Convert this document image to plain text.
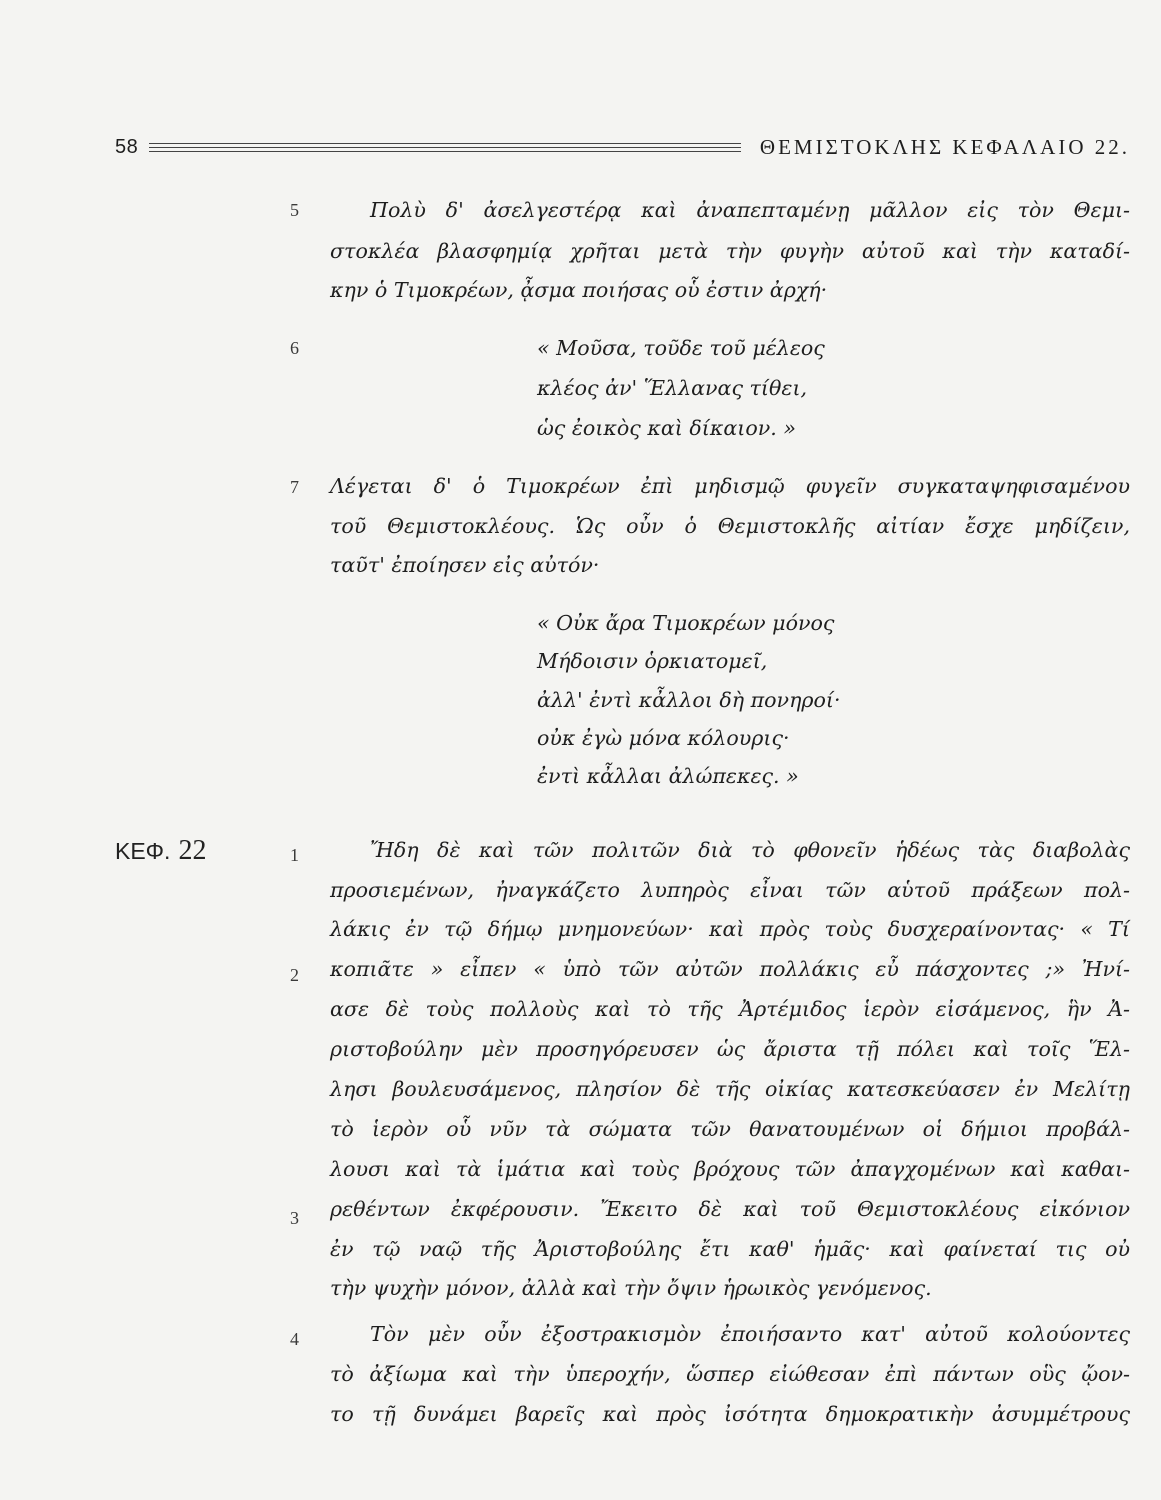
58	ΘΕΜΙΣΤΟΚΛΗΣ ΚΕΦΑΛΑΙΟ 22.
5
6
7
1
2
3
4
ΚΕΦ. 22
Πολὺ δ' ἀσελγεστέρᾳ καὶ ἀναπεπταμένῃ μᾶλλον εἰς τὸν Θεμι-
στοκλέα βλασφημίᾳ χρῆται μετὰ τὴν φυγὴν αὐτοῦ καὶ τὴν καταδί-
κην ὁ Τιμοκρέων, ᾆσμα ποιήσας οὗ ἐστιν ἀρχή·
« Μοῦσα, τοῦδε τοῦ μέλεος
κλέος ἀν' Ἕλλανας τίθει,
ὡς ἐοικὸς καὶ δίκαιον. »
Λέγεται δ' ὁ Τιμοκρέων ἐπὶ μηδισμῷ φυγεῖν συγκαταψηφισαμένου
τοῦ Θεμιστοκλέους. Ὡς οὖν ὁ Θεμιστοκλῆς αἰτίαν ἔσχε μηδίζειν,
ταῦτ' ἐποίησεν εἰς αὐτόν·
« Οὐκ ἄρα Τιμοκρέων μόνος
Μήδοισιν ὁρκιατομεῖ,
ἀλλ' ἐντὶ κἆλλοι δὴ πονηροί·
οὐκ ἐγὼ μόνα κόλουρις·
ἐντὶ κἆλλαι ἀλώπεκες. »
Ἤδη δὲ καὶ τῶν πολιτῶν διὰ τὸ φθονεῖν ἡδέως τὰς διαβολὰς
προσιεμένων, ἠναγκάζετο λυπηρὸς εἶναι τῶν αὑτοῦ πράξεων πολ-
λάκις ἐν τῷ δήμῳ μνημονεύων· καὶ πρὸς τοὺς δυσχεραίνοντας· « Τί
κοπιᾶτε » εἶπεν « ὑπὸ τῶν αὐτῶν πολλάκις εὖ πάσχοντες ;» Ἠνί-
ασε δὲ τοὺς πολλοὺς καὶ τὸ τῆς Ἀρτέμιδος ἱερὸν εἰσάμενος, ἣν Ἀ-
ριστοβούλην μὲν προσηγόρευσεν ὡς ἄριστα τῇ πόλει καὶ τοῖς Ἕλ-
λησι βουλευσάμενος, πλησίον δὲ τῆς οἰκίας κατεσκεύασεν ἐν Μελίτῃ
τὸ ἱερὸν οὗ νῦν τὰ σώματα τῶν θανατουμένων οἱ δήμιοι προβάλ-
λουσι καὶ τὰ ἱμάτια καὶ τοὺς βρόχους τῶν ἀπαγχομένων καὶ καθαι-
ρεθέντων ἐκφέρουσιν. Ἔκειτο δὲ καὶ τοῦ Θεμιστοκλέους εἰκόνιον
ἐν τῷ ναῷ τῆς Ἀριστοβούλης ἔτι καθ' ἡμᾶς· καὶ φαίνεταί τις οὐ
τὴν ψυχὴν μόνον, ἀλλὰ καὶ τὴν ὄψιν ἡρωικὸς γενόμενος.
Τὸν μὲν οὖν ἐξοστρακισμὸν ἐποιήσαντο κατ' αὐτοῦ κολούοντες
τὸ ἀξίωμα καὶ τὴν ὑπεροχήν, ὥσπερ εἰώθεσαν ἐπὶ πάντων οὓς ᾤον-
το τῇ δυνάμει βαρεῖς καὶ πρὸς ἰσότητα δημοκρατικὴν ἀσυμμέτρους
